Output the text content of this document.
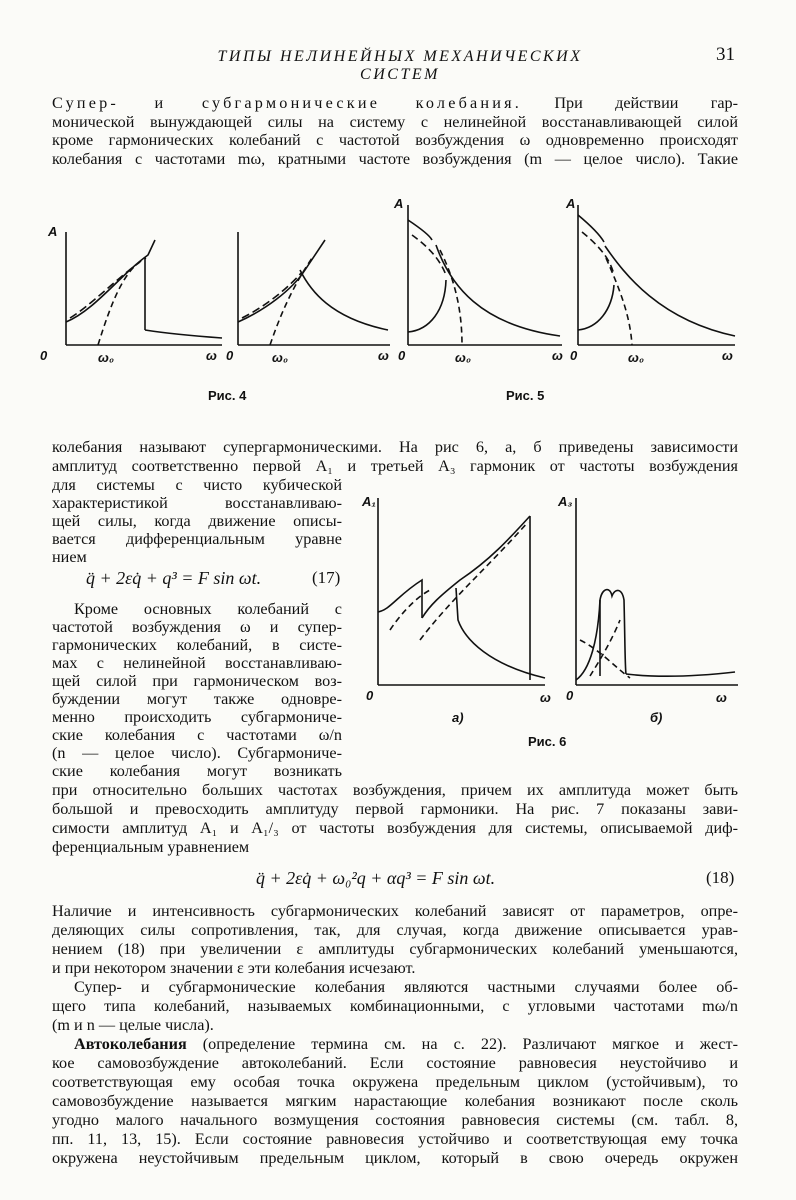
ТИПЫ НЕЛИНЕЙНЫХ МЕХАНИЧЕСКИХ СИСТЕМ
31
Супер- и субгармонические колебания. При действии гар-
монической вынуждающей силы на систему с нелинейной восстанавливающей силой
кроме гармонических колебаний с частотой возбуждения ω одновременно происходят
колебания с частотами mω, кратными частоте возбуждения (m — целое число). Такие
A
0	ω₀	ω 0	ω₀	ω
A
0	ω₀	ω
A
0	ω₀	ω
Рис. 4	Рис. 5
колебания называют супергармоническими. На рис 6, а, б приведены зависимости
амплитуд соответственно первой A₁ и третьей A₃ гармоник от частоты возбуждения
для системы с чисто кубической
характеристикой восстанавливаю-
щей силы, когда движение описы-
вается дифференциальным уравне
нием
q̈ + 2εq̇ + q³ = F sin ωt.	(17)
Кроме основных колебаний с
частотой возбуждения ω и супер-
гармонических колебаний, в систе-
мах с нелинейной восстанавливаю-
щей силой при гармоническом воз-
буждении могут также одновре-
менно происходить субгармониче-
ские колебания с частотами ω/n
(n — целое число). Субгармониче-
ские колебания могут возникать
A₁
0	ω
A₃
0	ω
а)	б)
Рис. 6
при относительно больших частотах возбуждения, причем их амплитуда может быть
большой и превосходить амплитуду первой гармоники. На рис. 7 показаны зави-
симости амплитуд A₁ и A₁/₃ от частоты возбуждения для системы, описываемой диф-
ференциальным уравнением
q̈ + 2εq̇ + ω₀²q + αq³ = F sin ωt.	(18)
Наличие и интенсивность субгармонических колебаний зависят от параметров, опре-
деляющих силы сопротивления, так, для случая, когда движение описывается урав-
нением (18) при увеличении ε амплитуды субгармонических колебаний уменьшаются,
и при некотором значении ε эти колебания исчезают.
Супер- и субгармонические колебания являются частными случаями более об-
щего типа колебаний, называемых комбинационными, с угловыми частотами mω/n
(m и n — целые числа).
Автоколебания (определение термина см. на с. 22). Различают мягкое и жест-
кое самовозбуждение автоколебаний. Если состояние равновесия неустойчиво и
соответствующая ему особая точка окружена предельным циклом (устойчивым), то
самовозбуждение называется мягким нарастающие колебания возникают после сколь
угодно малого начального возмущения состояния равновесия системы (см. табл. 8,
пп. 11, 13, 15). Если состояние равновесия устойчиво и соответствующая ему точка
окружена неустойчивым предельным циклом, который в свою очередь окружен
